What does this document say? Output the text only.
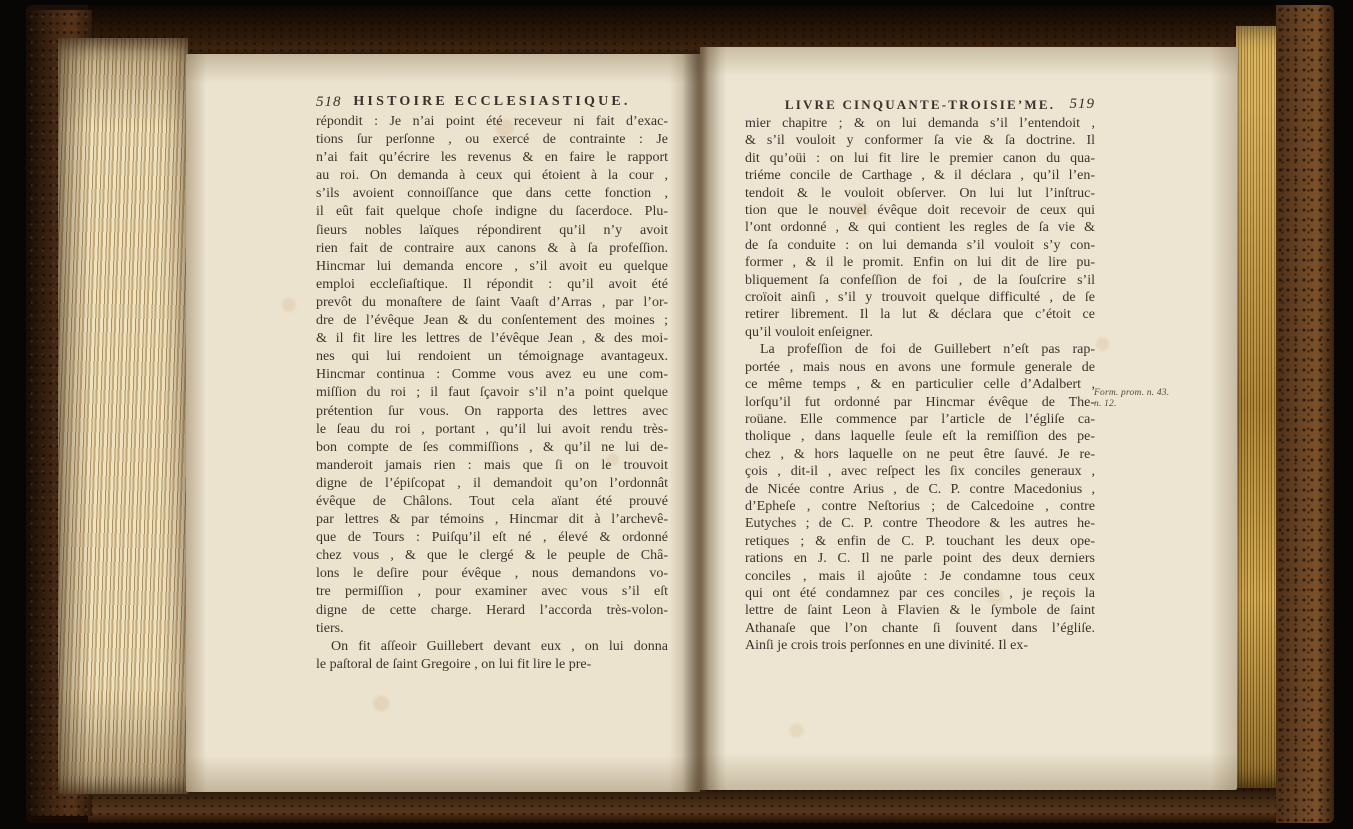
518 HISTOIRE ECCLESIASTIQUE.
répondit : Je n’ai point été receveur ni fait d’exac-
tions ſur perſonne , ou exercé de contrainte : Je
n’ai fait qu’écrire les revenus & en faire le rapport
au roi. On demanda à ceux qui étoient à la cour ,
s’ils avoient connoiſſance que dans cette fonction ,
il eût fait quelque choſe indigne du ſacerdoce. Plu-
ſieurs nobles laïques répondirent qu’il n’y avoit
rien fait de contraire aux canons & à ſa profeſſion.
Hincmar lui demanda encore , s’il avoit eu quelque
emploi eccleſiaſtique. Il répondit : qu’il avoit été
prevôt du monaſtere de ſaint Vaaſt d’Arras , par l’or-
dre de l’évêque Jean & du conſentement des moines ;
& il fit lire les lettres de l’évêque Jean , & des moi-
nes qui lui rendoient un témoignage avantageux.
Hincmar continua : Comme vous avez eu une com-
miſſion du roi ; il faut ſçavoir s’il n’a point quelque
prétention ſur vous. On rapporta des lettres avec
le ſeau du roi , portant , qu’il lui avoit rendu très-
bon compte de ſes commiſſions , & qu’il ne lui de-
manderoit jamais rien : mais que ſi on le trouvoit
digne de l’épiſcopat , il demandoit qu’on l’ordonnât
évêque de Châlons. Tout cela aïant été prouvé
par lettres & par témoins , Hincmar dit à l’archevê-
que de Tours : Puiſqu’il eſt né , élevé & ordonné
chez vous , & que le clergé & le peuple de Châ-
lons le deſire pour évêque , nous demandons vo-
tre permiſſion , pour examiner avec vous s’il eſt
digne de cette charge. Herard l’accorda très-volon-
tiers.
On fit aſſeoir Guillebert devant eux , on lui donna
le paſtoral de ſaint Gregoire , on lui fit lire le pre-
LIVRE CINQUANTE-TROISIE’ME. 519
mier chapitre ; & on lui demanda s’il l’entendoit ,
& s’il vouloit y conformer ſa vie & ſa doctrine. Il
dit qu’oüi : on lui fit lire le premier canon du qua-
triéme concile de Carthage , & il déclara , qu’il l’en-
tendoit & le vouloit obſerver. On lui lut l’inſtruc-
tion que le nouvel évêque doit recevoir de ceux qui
l’ont ordonné , & qui contient les regles de ſa vie &
de ſa conduite : on lui demanda s’il vouloit s’y con-
former , & il le promit. Enfin on lui dit de lire pu-
bliquement ſa confeſſion de foi , de la ſouſcrire s’il
croïoit ainſi , s’il y trouvoit quelque difficulté , de ſe
retirer librement. Il la lut & déclara que c’étoit ce
qu’il vouloit enſeigner.
La profeſſion de foi de Guillebert n’eſt pas rap-
portée , mais nous en avons une formule generale de
ce même temps , & en particulier celle d’Adalbert ,
lorſqu’il fut ordonné par Hincmar évêque de The-
roüane. Elle commence par l’article de l’égliſe ca-
tholique , dans laquelle ſeule eſt la remiſſion des pe-
chez , & hors laquelle on ne peut être ſauvé. Je re-
çois , dit-il , avec reſpect les ſix conciles generaux ,
de Nicée contre Arius , de C. P. contre Macedonius ,
d’Epheſe , contre Neſtorius ; de Calcedoine , contre
Eutyches ; de C. P. contre Theodore & les autres he-
retiques ; & enfin de C. P. touchant les deux ope-
rations en J. C. Il ne parle point des deux derniers
conciles , mais il ajoûte : Je condamne tous ceux
qui ont été condamnez par ces conciles , je reçois la
lettre de ſaint Leon à Flavien & le ſymbole de ſaint
Athanaſe que l’on chante ſi ſouvent dans l’égliſe.
Ainſi je crois trois perſonnes en une divinité. Il ex-
Form. prom. n. 43.
n. 12.
